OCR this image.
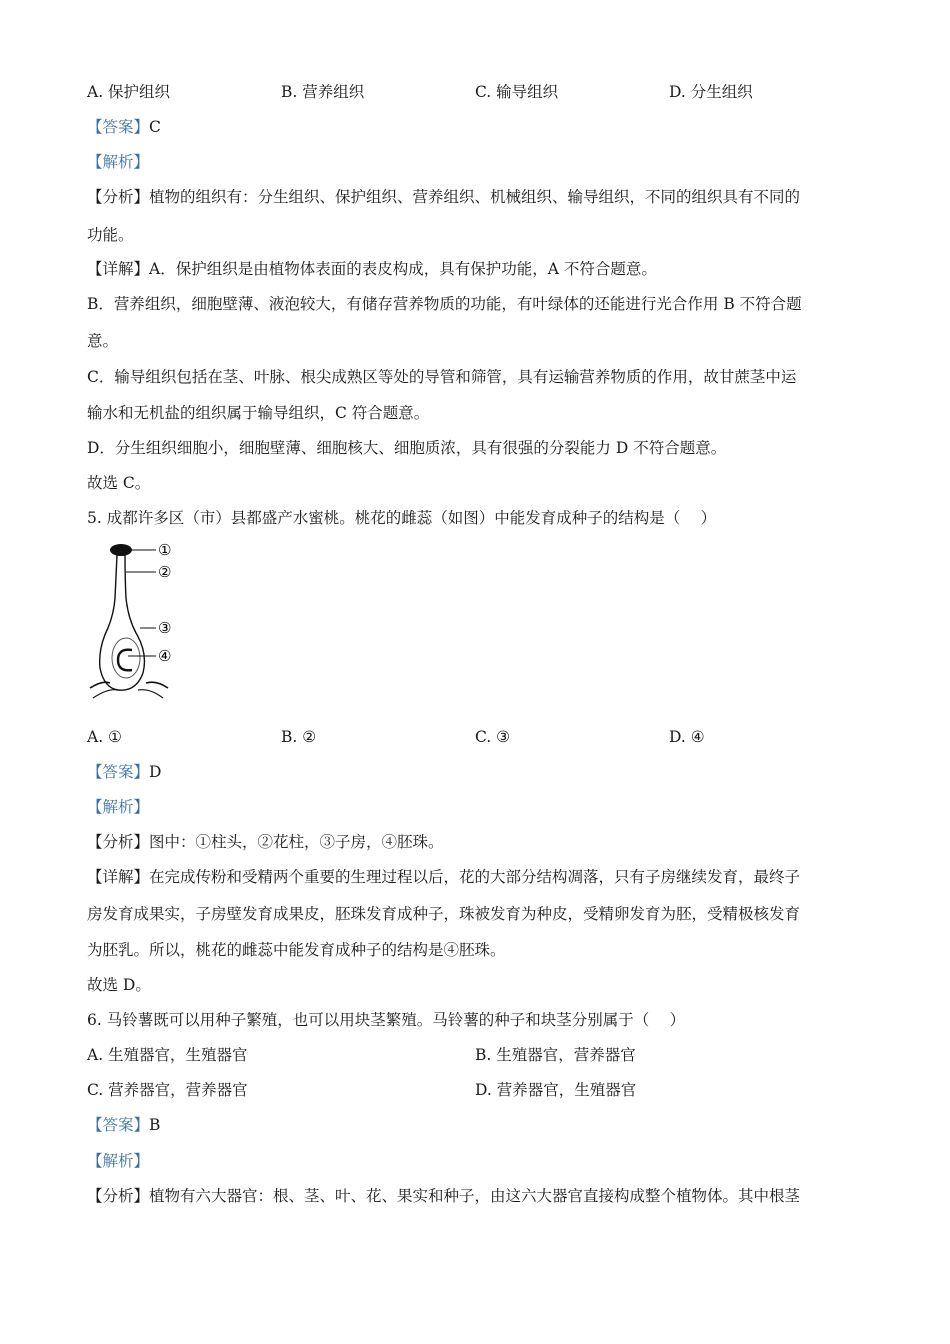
A. 保护组织	B. 营养组织	C. 输导组织	D. 分生组织
【答案】C
【解析】
【分析】植物的组织有：分生组织、保护组织、营养组织、机械组织、输导组织，不同的组织具有不同的
功能。
【详解】A．保护组织是由植物体表面的表皮构成，具有保护功能，A 不符合题意。
B．营养组织，细胞壁薄、液泡较大，有储存营养物质的功能，有叶绿体的还能进行光合作用 B 不符合题
意。
C．输导组织包括在茎、叶脉、根尖成熟区等处的导管和筛管，具有运输营养物质的作用，故甘蔗茎中运
输水和无机盐的组织属于输导组织，C 符合题意。
D．分生组织细胞小，细胞壁薄、细胞核大、细胞质浓，具有很强的分裂能力 D 不符合题意。
故选 C。
5. 成都许多区（市）县都盛产水蜜桃。桃花的雌蕊（如图）中能发育成种子的结构是（　 ）
①
②
③
④
A. ①	B. ②	C. ③	D. ④
【答案】D
【解析】
【分析】图中：①柱头，②花柱，③子房，④胚珠。
【详解】在完成传粉和受精两个重要的生理过程以后，花的大部分结构凋落，只有子房继续发育，最终子
房发育成果实，子房壁发育成果皮，胚珠发育成种子，珠被发育为种皮，受精卵发育为胚，受精极核发育
为胚乳。所以，桃花的雌蕊中能发育成种子的结构是④胚珠。
故选 D。
6. 马铃薯既可以用种子繁殖，也可以用块茎繁殖。马铃薯的种子和块茎分别属于（　 ）
A. 生殖器官，生殖器官	B. 生殖器官，营养器官
C. 营养器官，营养器官	D. 营养器官，生殖器官
【答案】B
【解析】
【分析】植物有六大器官：根、茎、叶、花、果实和种子，由这六大器官直接构成整个植物体。其中根茎
